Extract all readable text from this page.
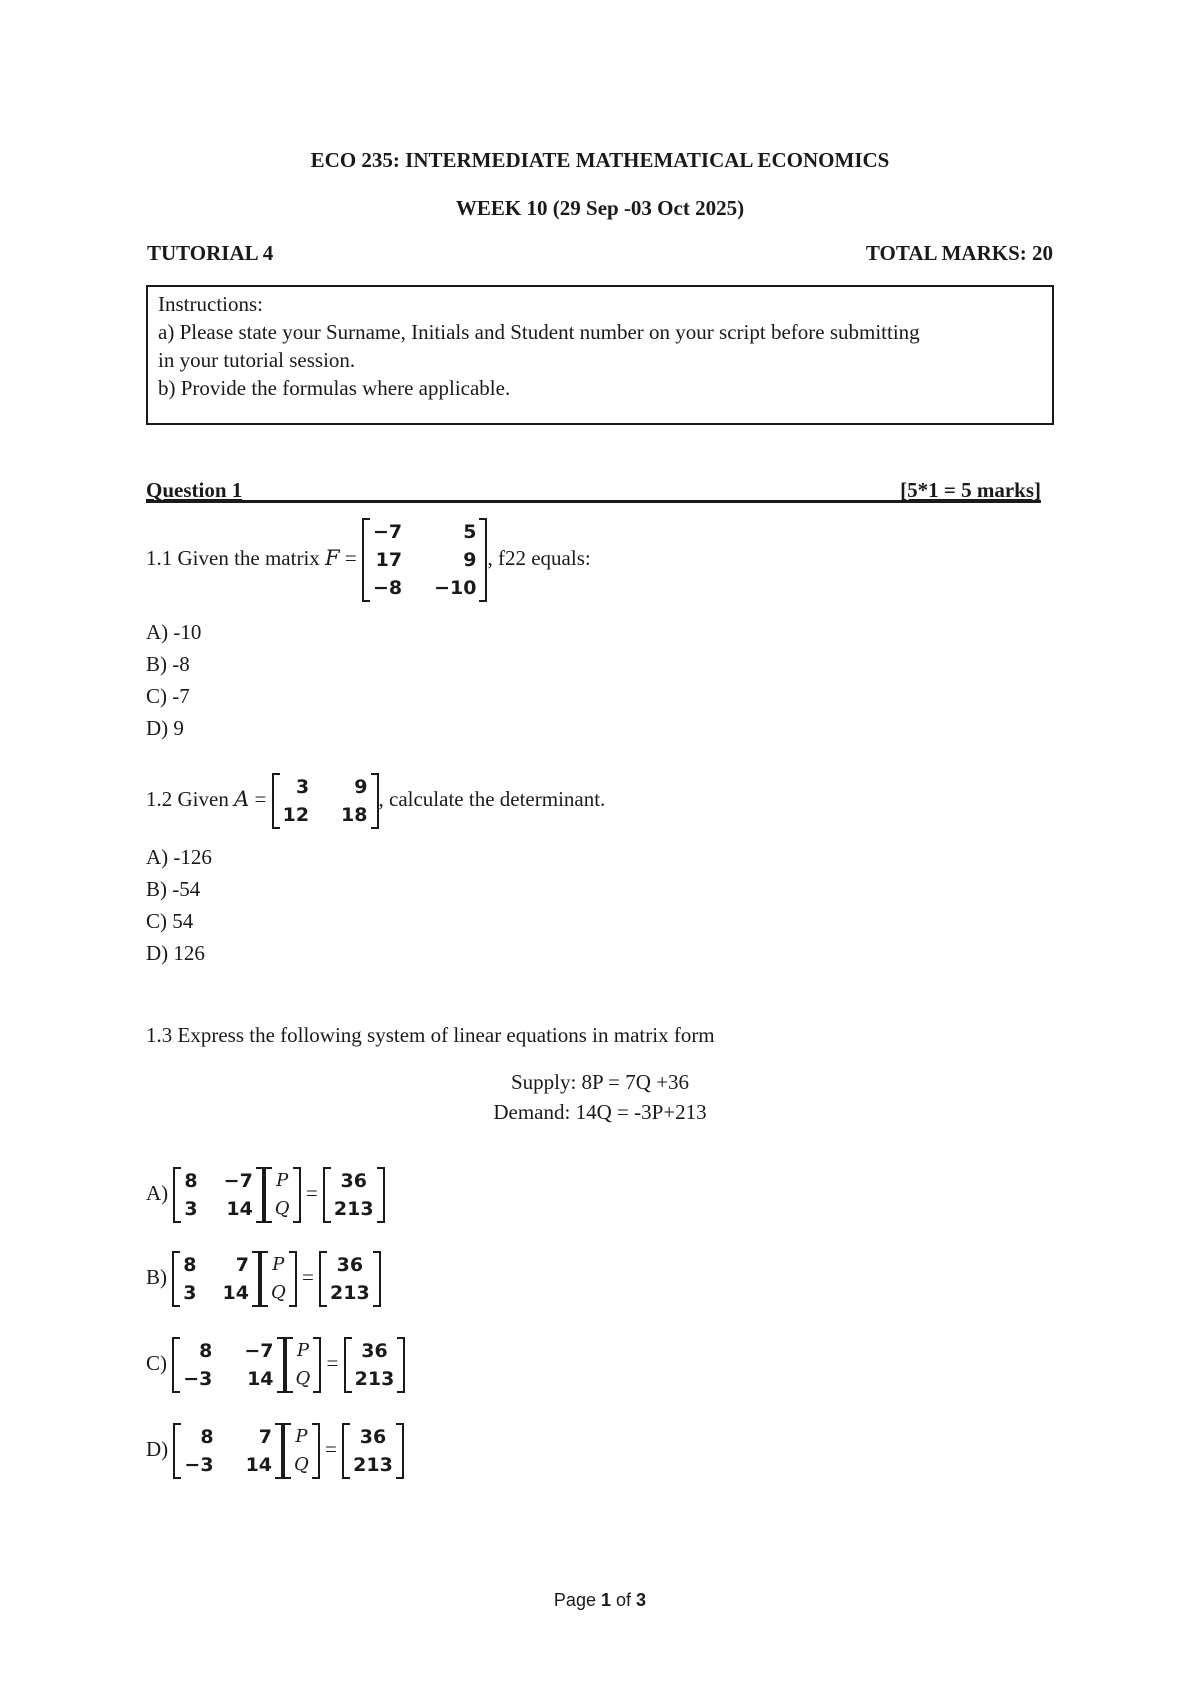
ECO 235: INTERMEDIATE MATHEMATICAL ECONOMICS
WEEK 10 (29 Sep -03 Oct 2025)
TUTORIAL 4	TOTAL MARKS: 20
Instructions:
a) Please state your Surname, Initials and Student number on your script before submitting
in your tutorial session.
b) Provide the formulas where applicable.
Question 1	[5*1 = 5 marks]
1.1 Given the matrix F =
−7	5
17	9
−8	−10
, f22 equals:
A) -10
B) -8
C) -7
D) 9
1.2 Given A = 3	9
12	18
, calculate the determinant.
A) -126
B) -54
C) 54
D) 126
1.3 Express the following system of linear equations in matrix form
Supply: 8P = 7Q +36
Demand: 14Q = -3P+213
A) 8	−7
3	14
P
Q
= 36
213
B) 8	7
3	14
P
Q
= 36
213
C) 8	−7
−3	14
P
Q
= 36
213
D) 8	7
−3	14
P
Q
= 36
213
Page 1 of 3
